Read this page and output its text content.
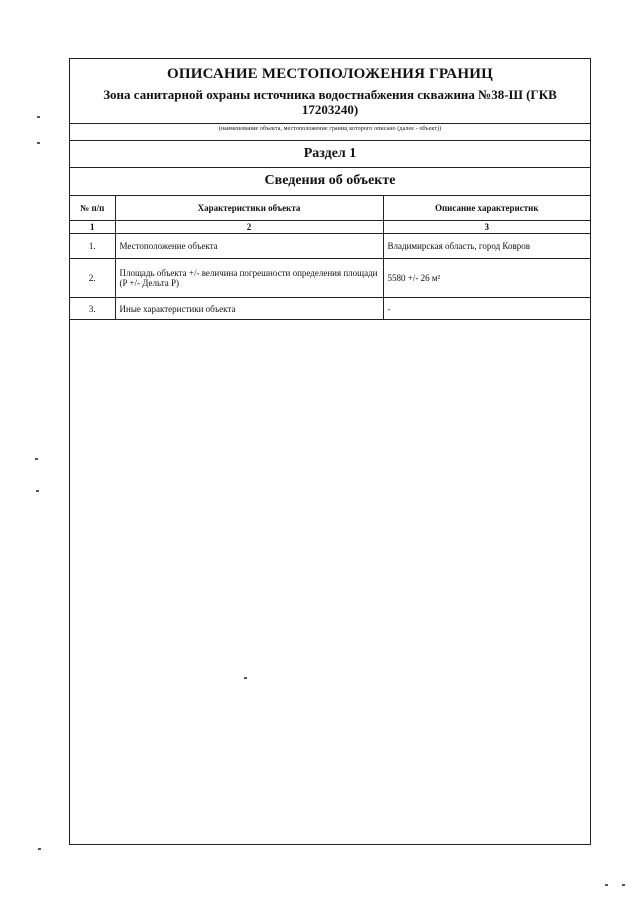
ОПИСАНИЕ МЕСТОПОЛОЖЕНИЯ ГРАНИЦ
Зона санитарной охраны источника водостнабжения скважина №38-Ш (ГКВ 17203240)
(наименование объекта, местоположение границ которого описано (далее - объект))
Раздел 1
Сведения об объекте
№ п/п	Характеристики объекта	Описание характеристик
1	2	3
1.	Местоположение объекта	Владимирская область, город Ковров
2.	Площадь объекта +/- величина погрешности определения площади (P +/- Дельта P)	5580 +/- 26 м²
3.	Иные характеристики объекта	-
